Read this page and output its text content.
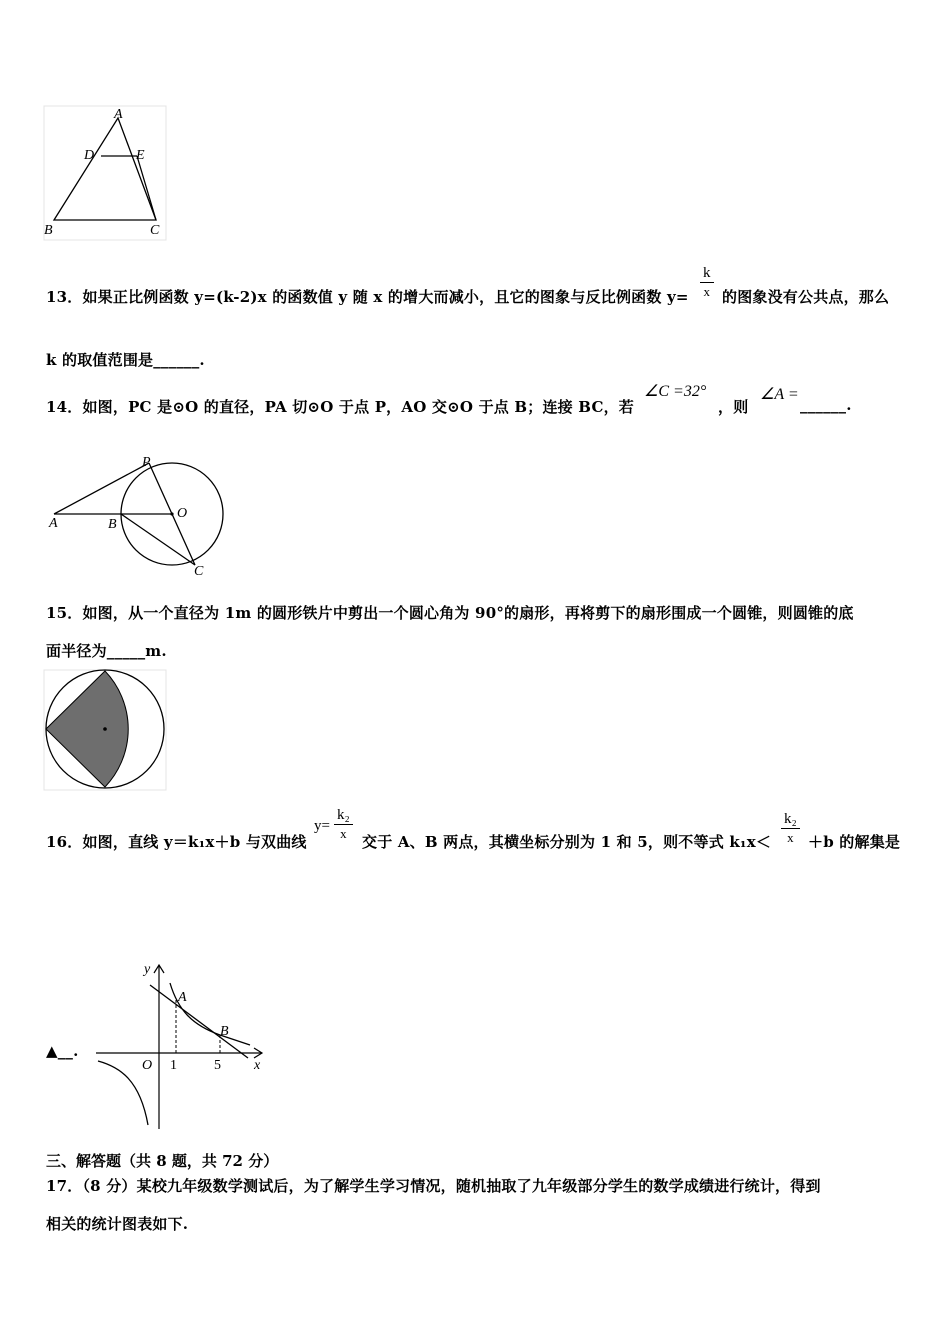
A
D	E
B	C
13．如果正比例函数 y=(k-2)x 的函数值 y 随 x 的增大而减小，且它的图象与反比例函数 $y= \frac{k}{x}$ 的图象没有公共点，那么
k 的取值范围是______.
14．如图，PC 是⊙O 的直径，PA 切⊙O 于点 P，AO 交⊙O 于点 B；连接 BC，若
∠C =32°
，则
∠A =
______.
P
A	B
O
C
15．如图，从一个直径为 1m 的圆形铁片中剪出一个圆心角为 90°的扇形，再将剪下的扇形围成一个圆锥，则圆锥的底
面半径为_____m.
16．如图，直线 y＝k₁x＋b 与双曲线
$y= \frac{\text{k₂}}{x}$ 交于 A、B 两点，其横坐标分别为 1 和 5，则不等式 $k_1x< \frac{\text{k₂}}{x} +b$ 的解集是
▲__.
y
x
A
B
O 1	5
三、解答题（共 8 题，共 72 分）
17．（8 分）某校九年级数学测试后，为了解学生学习情况，随机抽取了九年级部分学生的数学成绩进行统计，得到
相关的统计图表如下.
